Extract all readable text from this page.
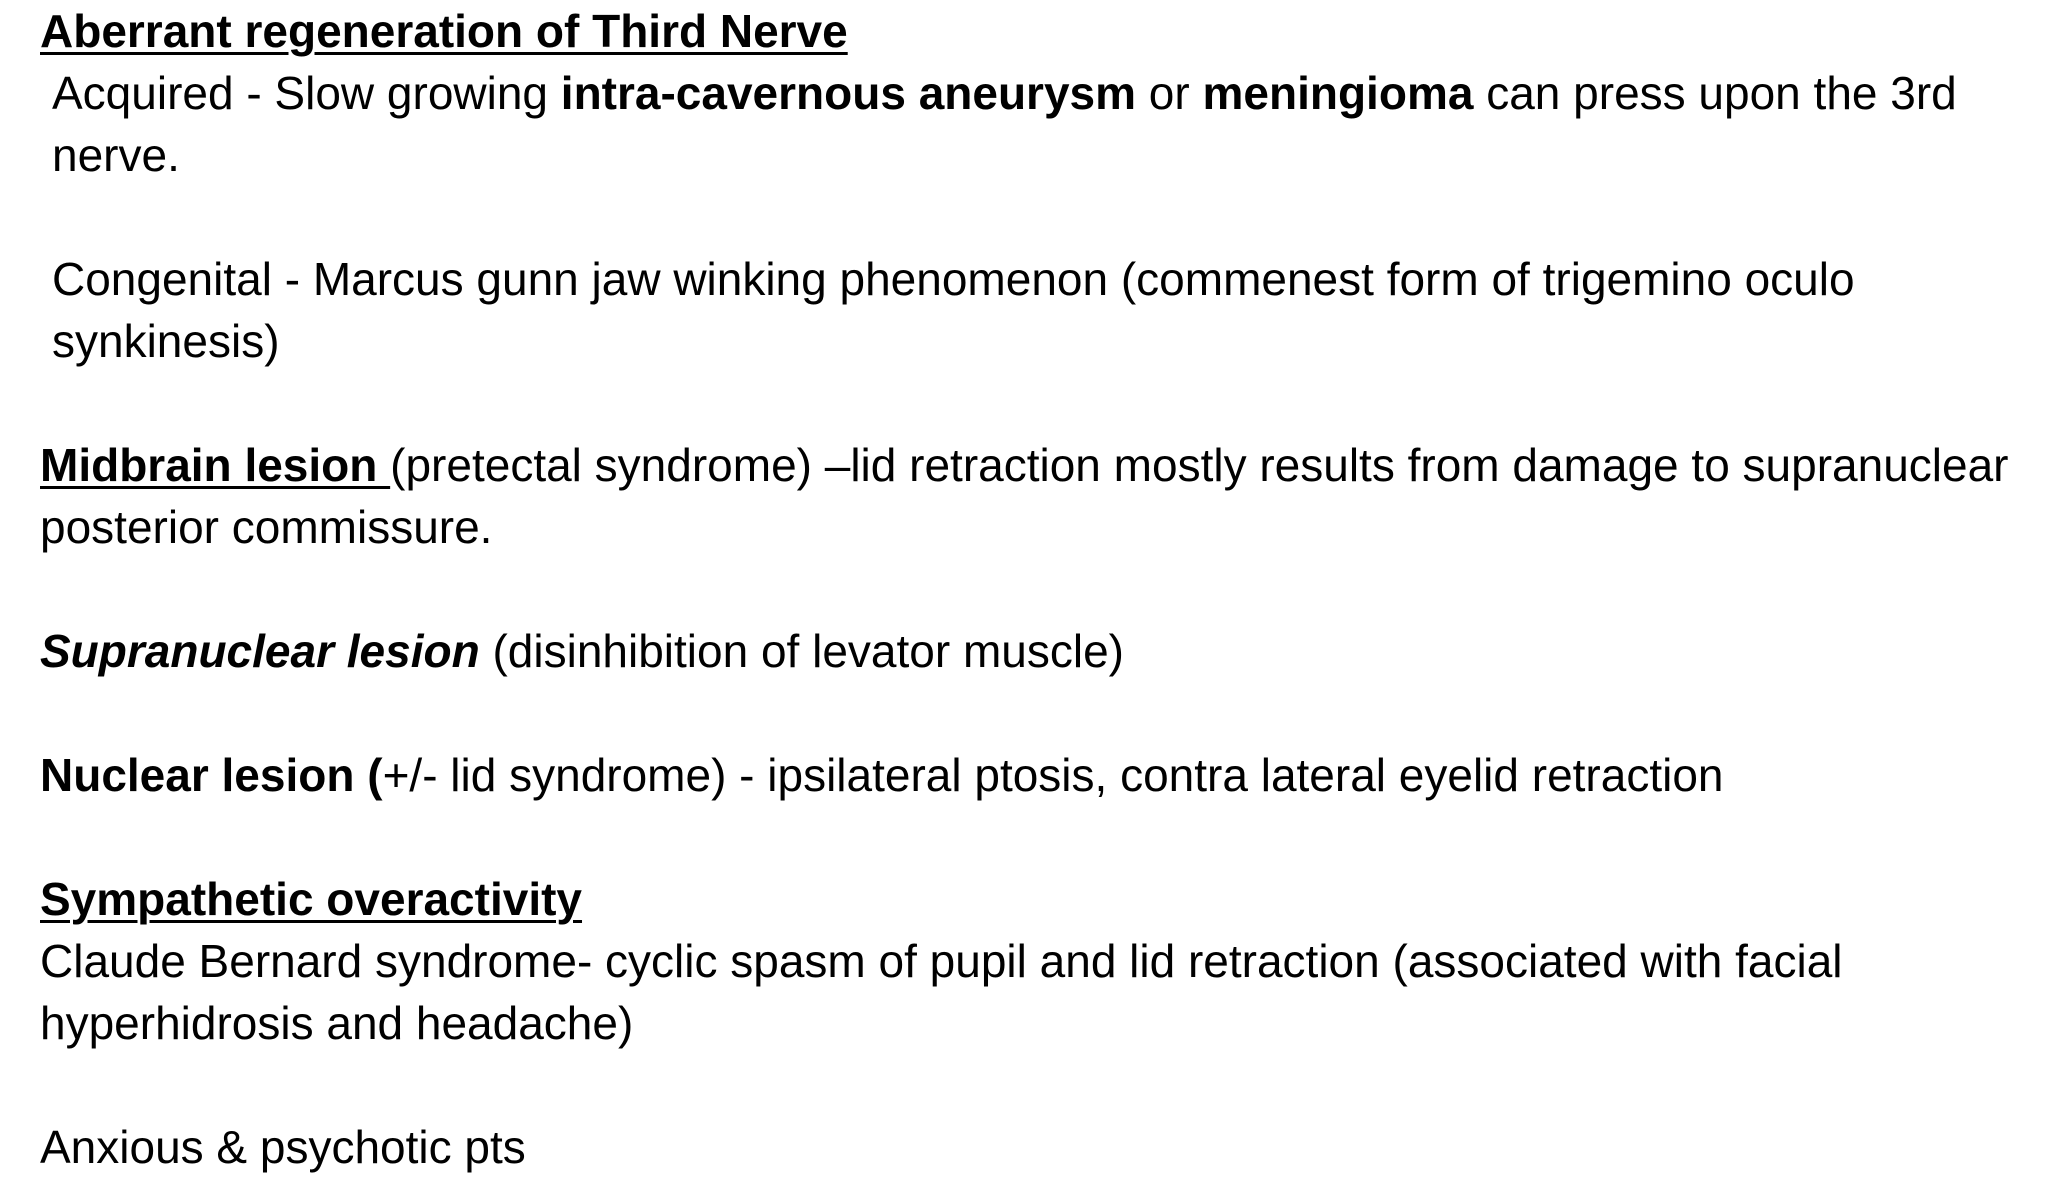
Aberrant regeneration of Third Nerve

Acquired - Slow growing intra-cavernous aneurysm or meningioma can press upon the 3rd nerve.

Congenital - Marcus gunn jaw winking phenomenon (commenest form of trigemino oculo synkinesis)

Midbrain lesion (pretectal syndrome) –lid retraction mostly results from damage to supranuclear posterior commissure.

Supranuclear lesion (disinhibition of levator muscle)

Nuclear lesion (+/- lid syndrome) - ipsilateral ptosis, contra lateral eyelid retraction

Sympathetic overactivity

Claude Bernard syndrome- cyclic spasm of pupil and lid retraction (associated with facial hyperhidrosis and headache)

Anxious & psychotic pts
